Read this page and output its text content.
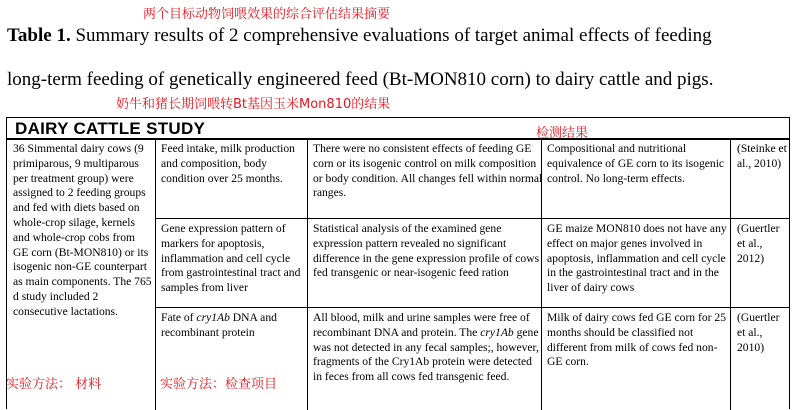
两个目标动物饲喂效果的综合评估结果摘要
Table 1. Summary results of 2 comprehensive evaluations of target animal effects of feeding
long-term feeding of genetically engineered feed (Bt-MON810 corn) to dairy cattle and pigs.
奶牛和猪长期饲喂转Bt基因玉米Mon810的结果
DAIRY CATTLE STUDY
36 Simmental dairy cows (9 primiparous, 9 multiparous per treatment group) were assigned to 2 feeding groups and fed with diets based on whole-crop silage, kernels and whole-crop cobs from GE corn (Bt-MON810) or its isogenic non-GE counterpart as main components. The 765 d study included 2 consecutive lactations.
Feed intake, milk production and composition, body condition over 25 months.
There were no consistent effects of feeding GE corn or its isogenic control on milk composition or body condition. All changes fell within normal ranges.
Compositional and nutritional equivalence of GE corn to its isogenic control. No long-term effects.
(Steinke et al., 2010)
Gene expression pattern of markers for apoptosis, inflammation and cell cycle from gastrointestinal tract and samples from liver
Statistical analysis of the examined gene expression pattern revealed no significant difference in the gene expression profile of cows fed transgenic or near-isogenic feed ration
GE maize MON810 does not have any effect on major genes involved in apoptosis, inflammation and cell cycle in the gastrointestinal tract and in the liver of dairy cows
(Guertler et al., 2012)
Fate of cry1Ab DNA and recombinant protein
All blood, milk and urine samples were free of recombinant DNA and protein. The cry1Ab gene was not detected in any fecal samples;, however, fragments of the Cry1Ab protein were detected in feces from all cows fed transgenic feed.
Milk of dairy cows fed GE corn for 25 months should be classified not different from milk of cows fed non-GE corn.
(Guertler et al., 2010)
检测结果
实验方法： 材料	实验方法：检查项目
